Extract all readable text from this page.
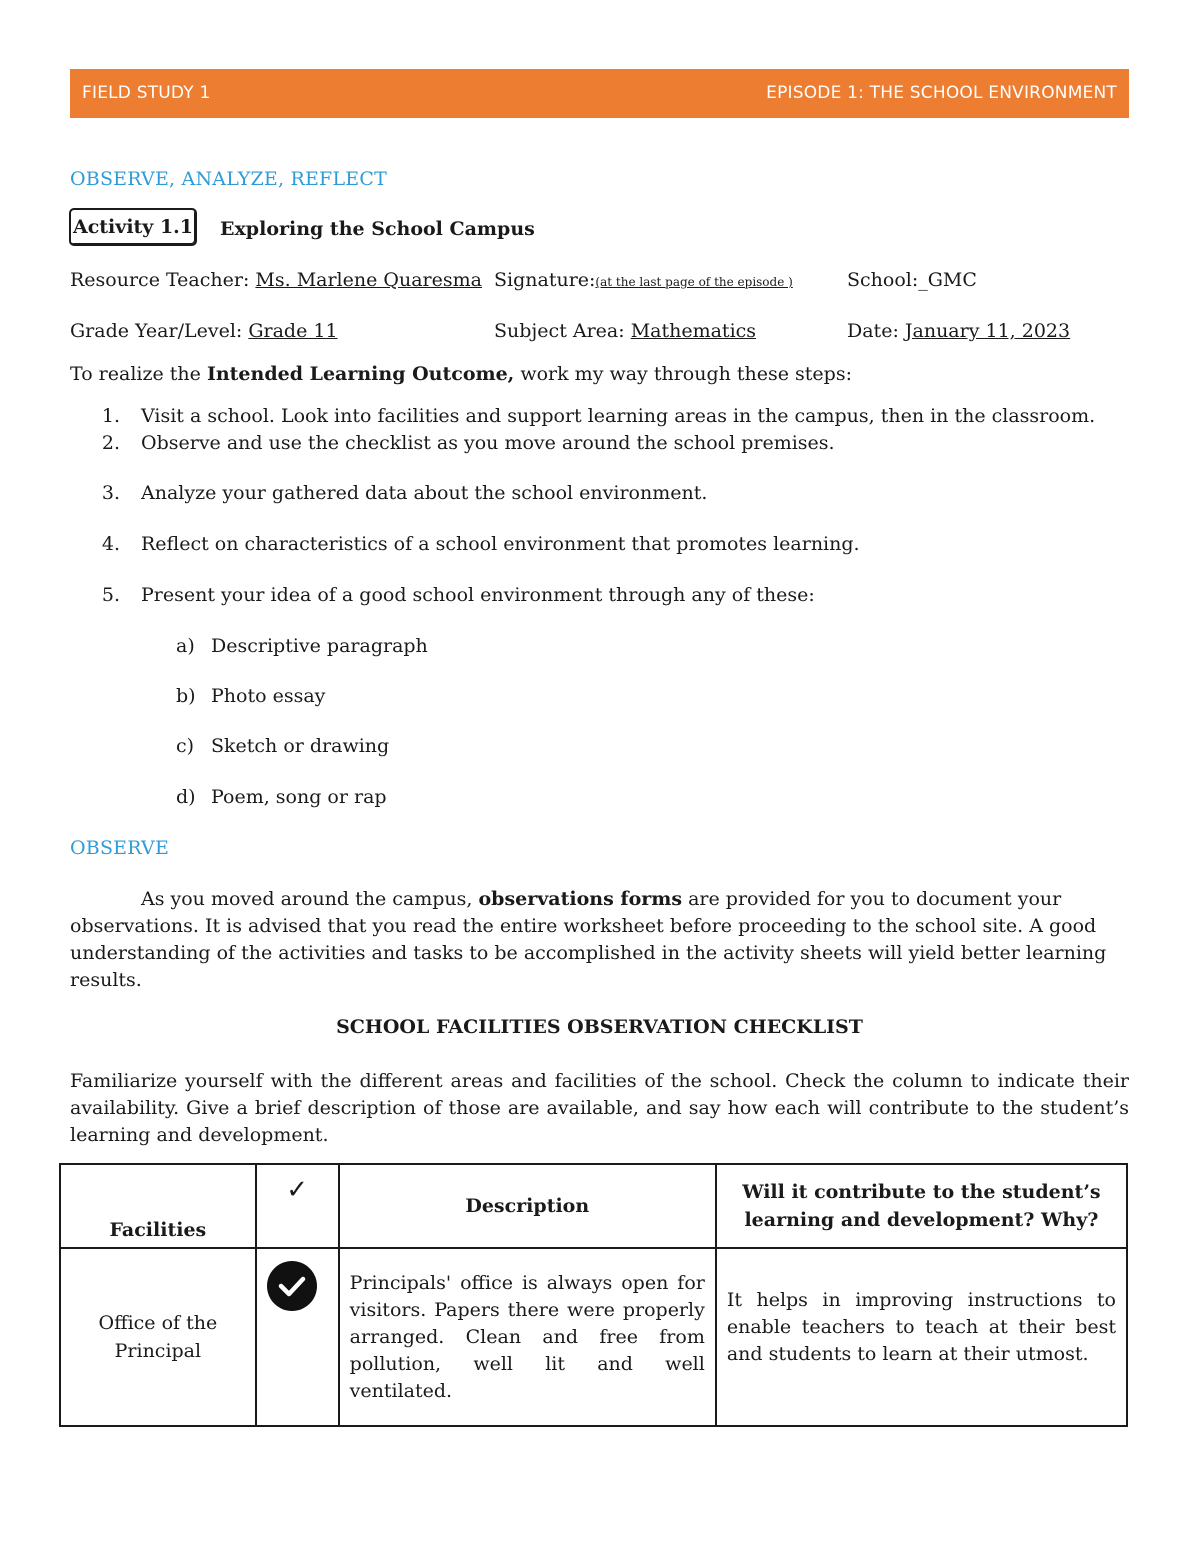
FIELD STUDY 1	EPISODE 1: THE SCHOOL ENVIRONMENT
OBSERVE, ANALYZE, REFLECT
Activity 1.1 Exploring the School Campus
Resource Teacher: Ms. Marlene Quaresma Signature:(at the last page of the episode )	School:_GMC
Grade Year/Level: Grade 11	Subject Area: Mathematics	Date: January 11, 2023
To realize the Intended Learning Outcome, work my way through these steps:
1. Visit a school. Look into facilities and support learning areas in the campus, then in the classroom.
2. Observe and use the checklist as you move around the school premises.
3. Analyze your gathered data about the school environment.
4. Reflect on characteristics of a school environment that promotes learning.
5. Present your idea of a good school environment through any of these:
a) Descriptive paragraph
b) Photo essay
c) Sketch or drawing
d) Poem, song or rap
OBSERVE
As you moved around the campus, observations forms are provided for you to document your observations. It is advised that you read the entire worksheet before proceeding to the school site. A good understanding of the activities and tasks to be accomplished in the activity sheets will yield better learning results.
SCHOOL FACILITIES OBSERVATION CHECKLIST
Familiarize yourself with the different areas and facilities of the school. Check the column to indicate their availability. Give a brief description of those are available, and say how each will contribute to the student’s learning and development.
Facilities	✓	Description	Will it contribute to the student’s learning and development? Why?
Office of the Principal		Principals' office is always open for visitors. Papers there were properly arranged. Clean and free from pollution, well lit and well ventilated.	It helps in improving instructions to enable teachers to teach at their best and students to learn at their utmost.
